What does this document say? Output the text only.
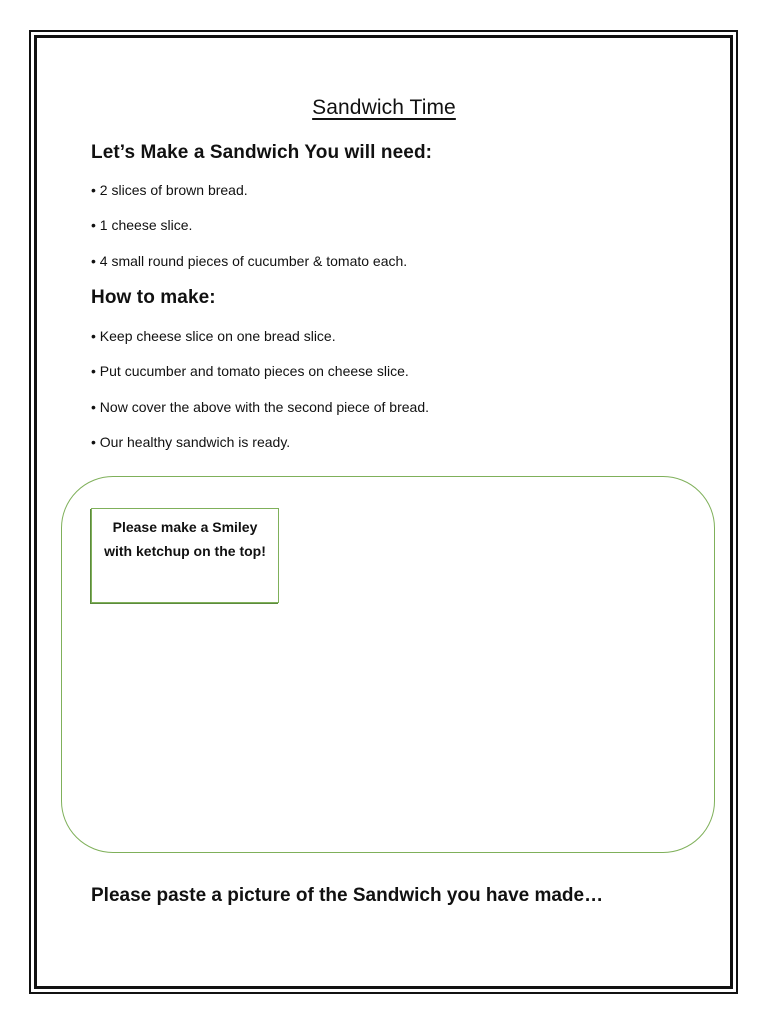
Sandwich Time
Let’s Make a Sandwich You will need:
• 2 slices of brown bread.
• 1 cheese slice.
• 4 small round pieces of cucumber & tomato each.
How to make:
• Keep cheese slice on one bread slice.
• Put cucumber and tomato pieces on cheese slice.
• Now cover the above with the second piece of bread.
• Our healthy sandwich is ready.
Please make a Smiley with ketchup on the top!
Please paste a picture of the Sandwich you have made…
